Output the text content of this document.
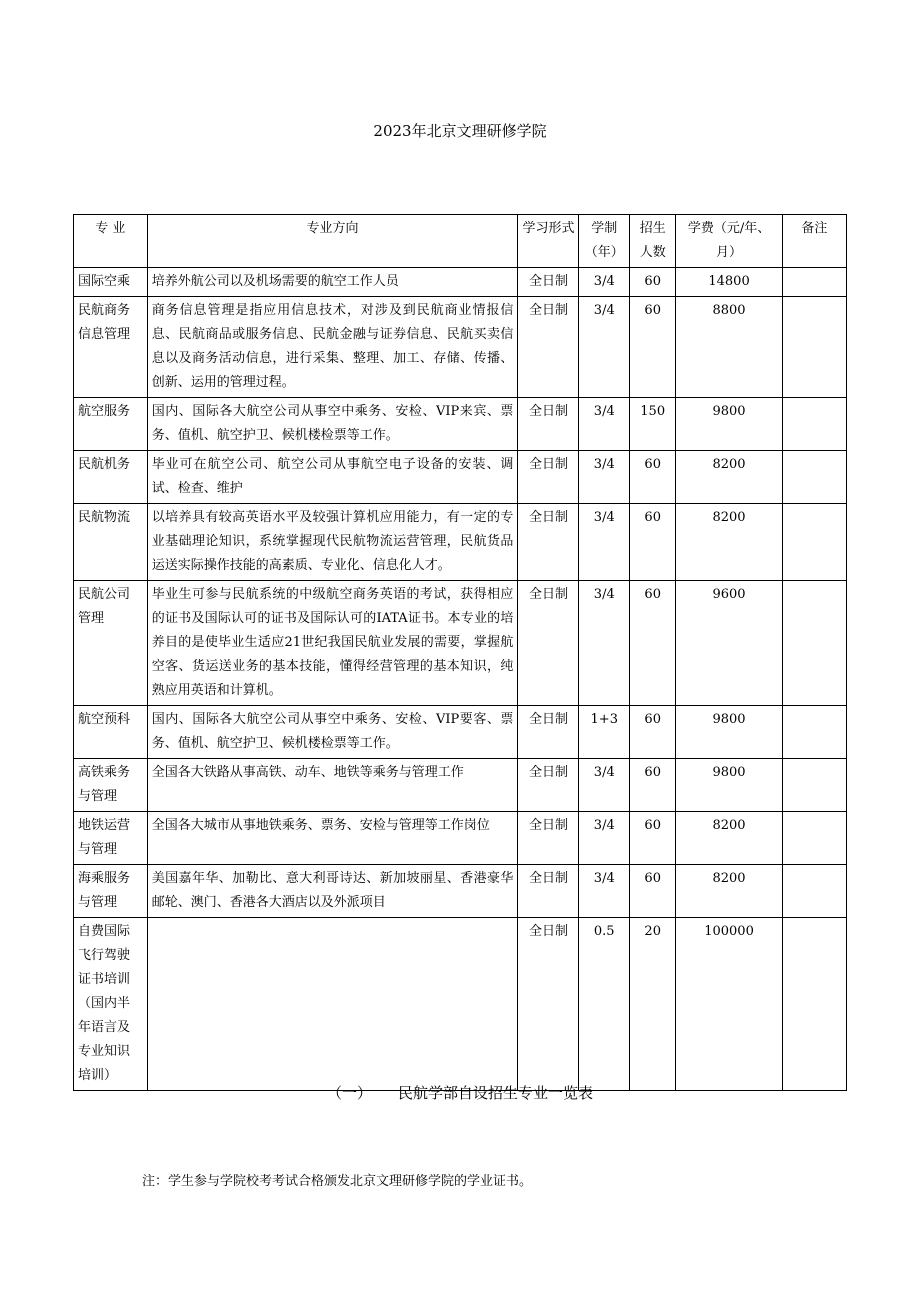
2023年北京文理研修学院
专 业	专业方向	学习形式	学制（年）	招生人数	学费（元/年、月）	备注
国际空乘	培养外航公司以及机场需要的航空工作人员	全日制	3/4	60	14800	
民航商务信息管理	商务信息管理是指应用信息技术，对涉及到民航商业情报信息、民航商品或服务信息、民航金融与证券信息、民航买卖信息以及商务活动信息，进行采集、整理、加工、存储、传播、创新、运用的管理过程。	全日制	3/4	60	8800	
航空服务	国内、国际各大航空公司从事空中乘务、安检、VIP来宾、票务、值机、航空护卫、候机楼检票等工作。	全日制	3/4	150	9800	
民航机务	毕业可在航空公司、航空公司从事航空电子设备的安装、调试、检查、维护	全日制	3/4	60	8200	
民航物流	以培养具有较高英语水平及较强计算机应用能力，有一定的专业基础理论知识，系统掌握现代民航物流运营管理，民航货品运送实际操作技能的高素质、专业化、信息化人才。	全日制	3/4	60	8200	
民航公司管理	毕业生可参与民航系统的中级航空商务英语的考试，获得相应的证书及国际认可的证书及国际认可的IATA证书。本专业的培养目的是使毕业生适应21世纪我国民航业发展的需要，掌握航空客、货运送业务的基本技能，懂得经营管理的基本知识，纯熟应用英语和计算机。	全日制	3/4	60	9600	
航空预科	国内、国际各大航空公司从事空中乘务、安检、VIP要客、票务、值机、航空护卫、候机楼检票等工作。	全日制	1+3	60	9800	
高铁乘务与管理	全国各大铁路从事高铁、动车、地铁等乘务与管理工作	全日制	3/4	60	9800	
地铁运营与管理	全国各大城市从事地铁乘务、票务、安检与管理等工作岗位	全日制	3/4	60	8200	
海乘服务与管理	美国嘉年华、加勒比、意大利哥诗达、新加坡丽星、香港豪华邮轮、澳门、香港各大酒店以及外派项目	全日制	3/4	60	8200	
自费国际飞行驾驶证书培训（国内半年语言及专业知识培训）		全日制	0.5	20	100000	
（一） 民航学部自设招生专业一览表
注：学生参与学院校考考试合格颁发北京文理研修学院的学业证书。
